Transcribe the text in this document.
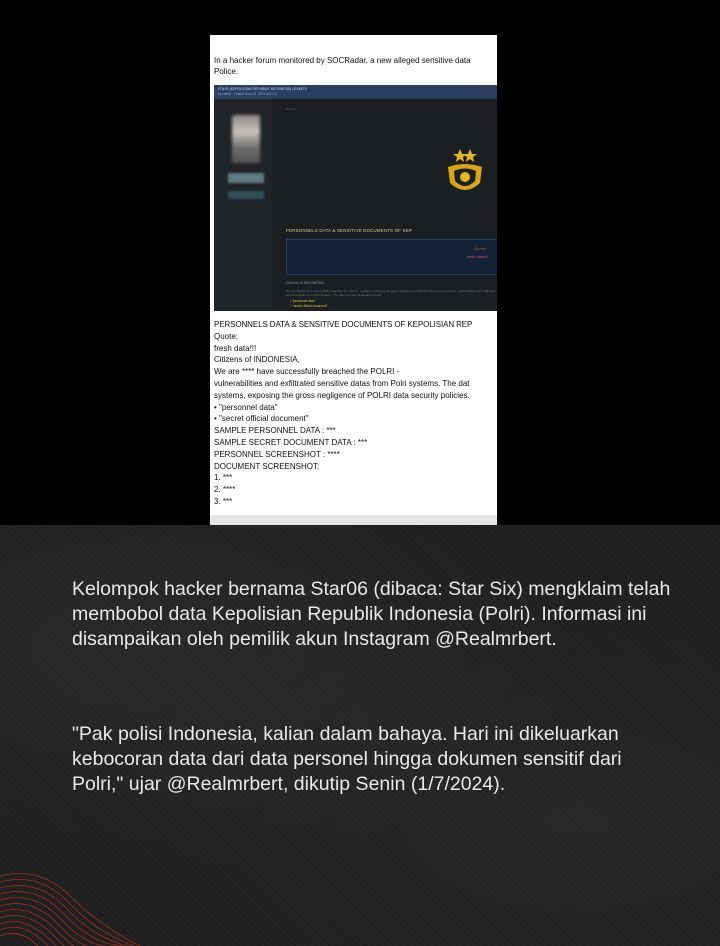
In a hacker forum monitored by SOCRadar, a new alleged sensitive data
Police.
POLRI (KEPOLISIAN REPUBLIK INDONESIA) LEAKED!
by star06 · Posted June 28, 2024 at 21:07
Posted
PERSONNELS DATA & SENSITIVE DOCUMENTS OF KEP
Quote:
fresh data!!!
Citizens of INDONESIA,
We are Star06 have successfully breached the POLRI - systems, exposing the gross negligence of POLRI data security policies. vulnerabilities and exfiltrated sensitive datas from Polri systems. The data we have obtained includes:
• "personnel data"
• "secret official document"
PERSONNELS DATA & SENSITIVE DOCUMENTS OF KEPOLISIAN REP
Quote:
fresh data!!!
Citizens of INDONESIA,
We are **** have successfully breached the POLRI -
vulnerabilities and exfiltrated sensitive datas from Polri systems. The dat
systems, exposing the gross negligence of POLRI data security policies.
• "personnel data"
• "secret official document"
SAMPLE PERSONNEL DATA : ***
SAMPLE SECRET DOCUMENT DATA : ***
PERSONNEL SCREENSHOT : ****
DOCUMENT SCREENSHOT:
1. ***
2. ****
3. ***
Kelompok hacker bernama Star06 (dibaca: Star Six) mengklaim telah membobol data Kepolisian Republik Indonesia (Polri). Informasi ini disampaikan oleh pemilik akun Instagram @Realmrbert.
"Pak polisi Indonesia, kalian dalam bahaya. Hari ini dikeluarkan kebocoran data dari data personel hingga dokumen sensitif dari Polri," ujar @Realmrbert, dikutip Senin (1/7/2024).
